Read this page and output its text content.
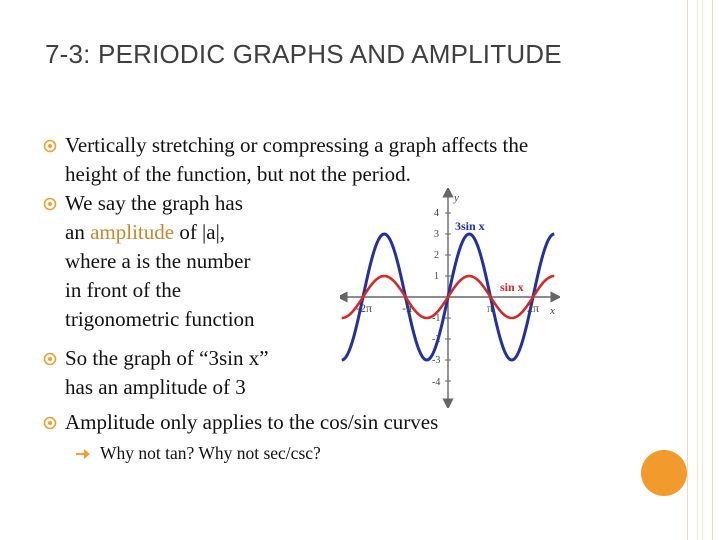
7-3: PERIODIC GRAPHS AND AMPLITUDE
Vertically stretching or compressing a graph affects the
height of the function, but not the period.
We say the graph has
an amplitude of |a|,
where a is the number
in front of the
trigonometric function
So the graph of “3sin x”
has an amplitude of 3
Amplitude only applies to the cos/sin curves
Why not tan? Why not sec/csc?
y
x
4
3
2
1
-1
-2
-3
-4
-2π -π	π	2π
3sin x
sin x
